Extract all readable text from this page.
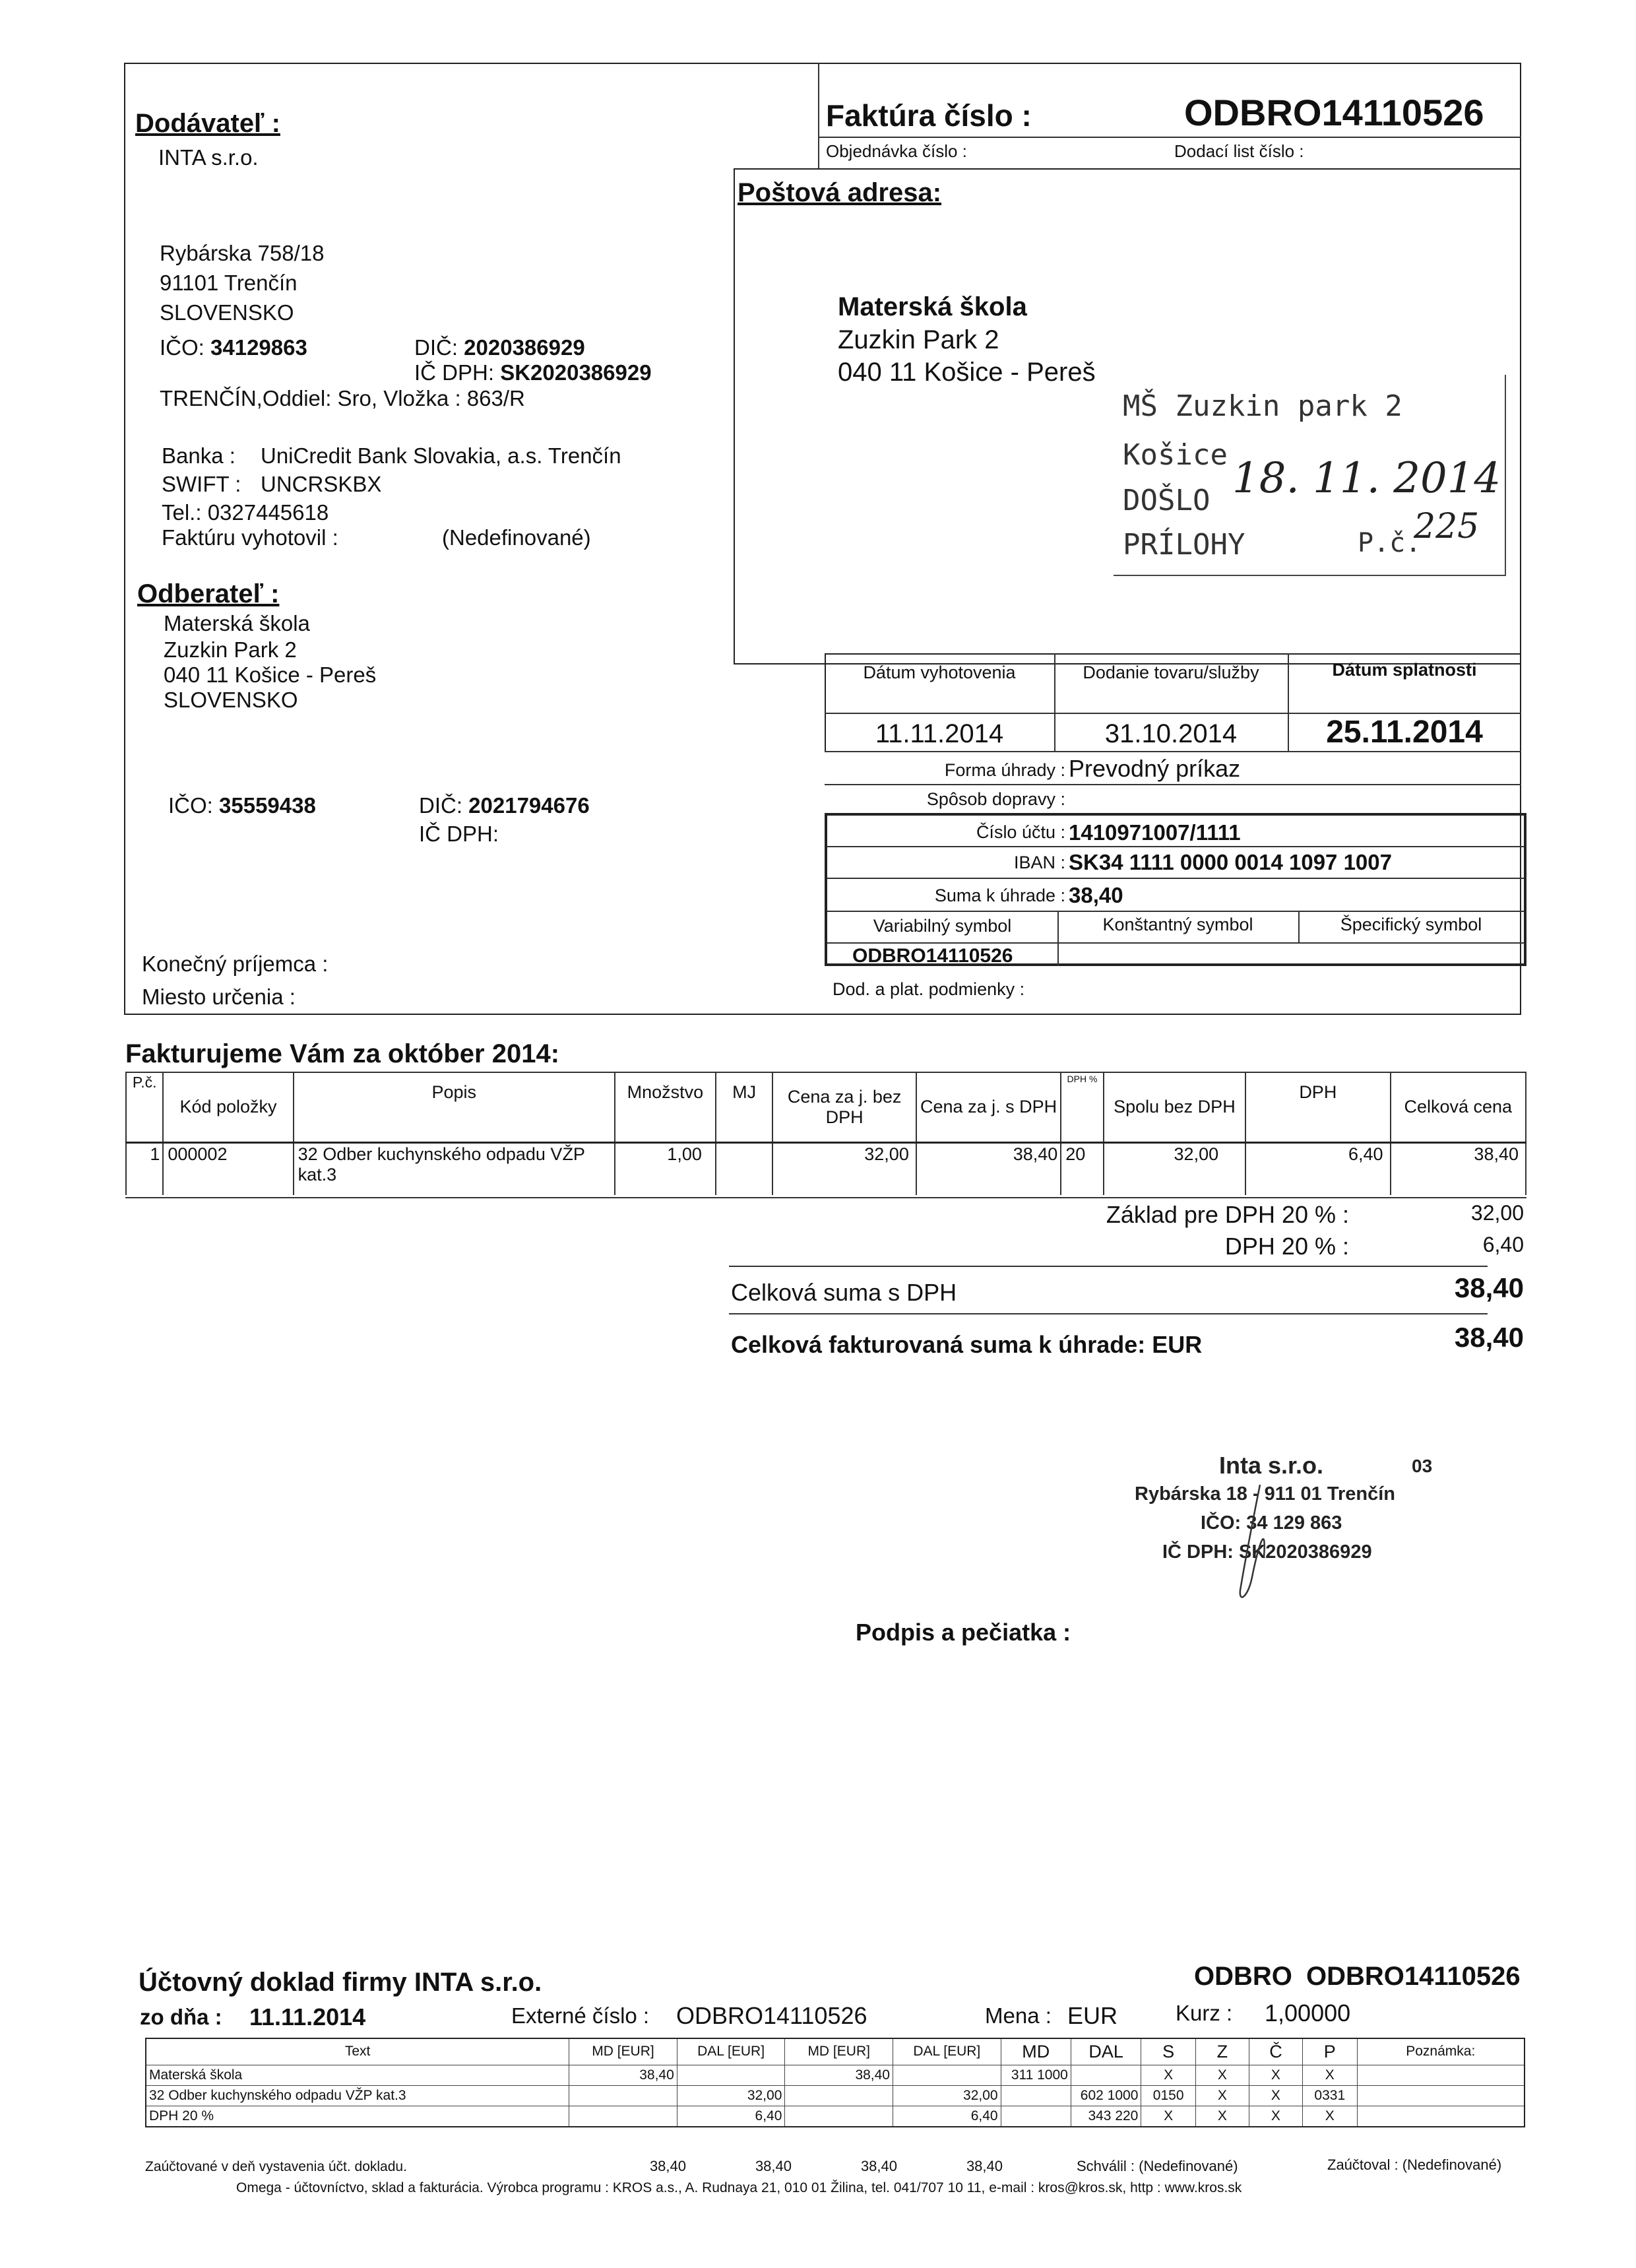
Dodávateľ :
INTA s.r.o.
Rybárska 758/18
91101 Trenčín
SLOVENSKO
IČO: 34129863	DIČ: 2020386929
IČ DPH: SK2020386929
TRENČÍN,Oddiel: Sro, Vložka : 863/R
Banka : UniCredit Bank Slovakia, a.s. Trenčín
SWIFT : UNCRSKBX
Tel.: 0327445618
Faktúru vyhotovil :	(Nedefinované)
Faktúra číslo :	ODBRO14110526
Objednávka číslo :	Dodací list číslo :
Poštová adresa:
Materská škola
Zuzkin Park 2
040 11 Košice - Pereš
MŠ Zuzkin park 2
Košice
DOŠLO 18. 11. 2014
PRÍLOHY	P.č.
225
Odberateľ :
Materská škola
Zuzkin Park 2
040 11 Košice - Pereš
SLOVENSKO
IČO: 35559438	DIČ: 2021794676
IČ DPH:
Konečný príjemca :
Miesto určenia :
Dátum vyhotovenia	Dodanie tovaru/služby	Dátum splatnosti
11.11.2014	31.10.2014	25.11.2014
Forma úhrady : Prevodný príkaz
Spôsob dopravy :
Číslo účtu : 1410971007/1111
IBAN : SK34 1111 0000 0014 1097 1007
Suma k úhrade : 38,40
Variabilný symbol	Konštantný symbol	Špecifický symbol
ODBRO14110526
Dod. a plat. podmienky :
Fakturujeme Vám za október 2014:
P.č.	Kód položky	Popis	Množstvo	MJ	Cena za j. bez DPH	Cena za j. s DPH	DPH %	Spolu bez DPH	DPH	Celková cena
1	000002	32 Odber kuchynského odpadu VŽP kat.3	1,00		32,00	38,40	20	32,00	6,40	38,40
Základ pre DPH 20 % :	32,00
DPH 20 % :	6,40
Celková suma s DPH	38,40
Celková fakturovaná suma k úhrade: EUR	38,40
Inta s.r.o.	03
Rybárska 18 - 911 01 Trenčín
IČO: 34 129 863
IČ DPH: SK2020386929
Podpis a pečiatka :
Účtovný doklad firmy INTA s.r.o.	ODBRO ODBRO14110526
zo dňa : 11.11.2014	Externé číslo : ODBRO14110526	Mena : EUR	Kurz : 1,00000
Text	MD [EUR]	DAL [EUR]	MD [EUR]	DAL [EUR]	MD	DAL	S	Z	Č	P	Poznámka:
Materská škola	38,40		38,40		311 1000		X	X	X	X	
32 Odber kuchynského odpadu VŽP kat.3		32,00		32,00		602 1000	0150	X	X	0331	
DPH 20 %		6,40		6,40		343 220	X	X	X	X	
Zaúčtované v deň vystavenia účt. dokladu.	38,40	38,40	38,40	38,40	Schválil : (Nedefinované)	Zaúčtoval : (Nedefinované)
Omega - účtovníctvo, sklad a fakturácia. Výrobca programu : KROS a.s., A. Rudnaya 21, 010 01 Žilina, tel. 041/707 10 11, e-mail : kros@kros.sk, http : www.kros.sk
